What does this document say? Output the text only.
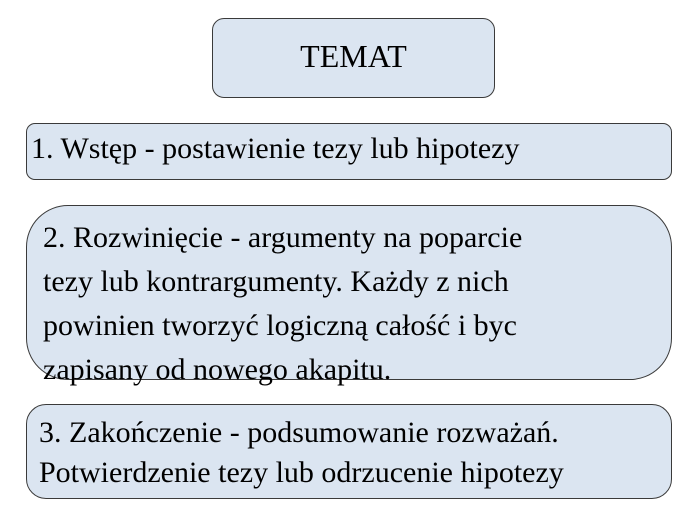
TEMAT
1. Wstęp - postawienie tezy lub hipotezy

2. Rozwinięcie - argumenty na poparcie
tezy lub kontrargumenty. Każdy z nich
powinien tworzyć logiczną całość i byc
zapisany od nowego akapitu.

3. Zakończenie - podsumowanie rozważań.
Potwierdzenie tezy lub odrzucenie hipotezy
